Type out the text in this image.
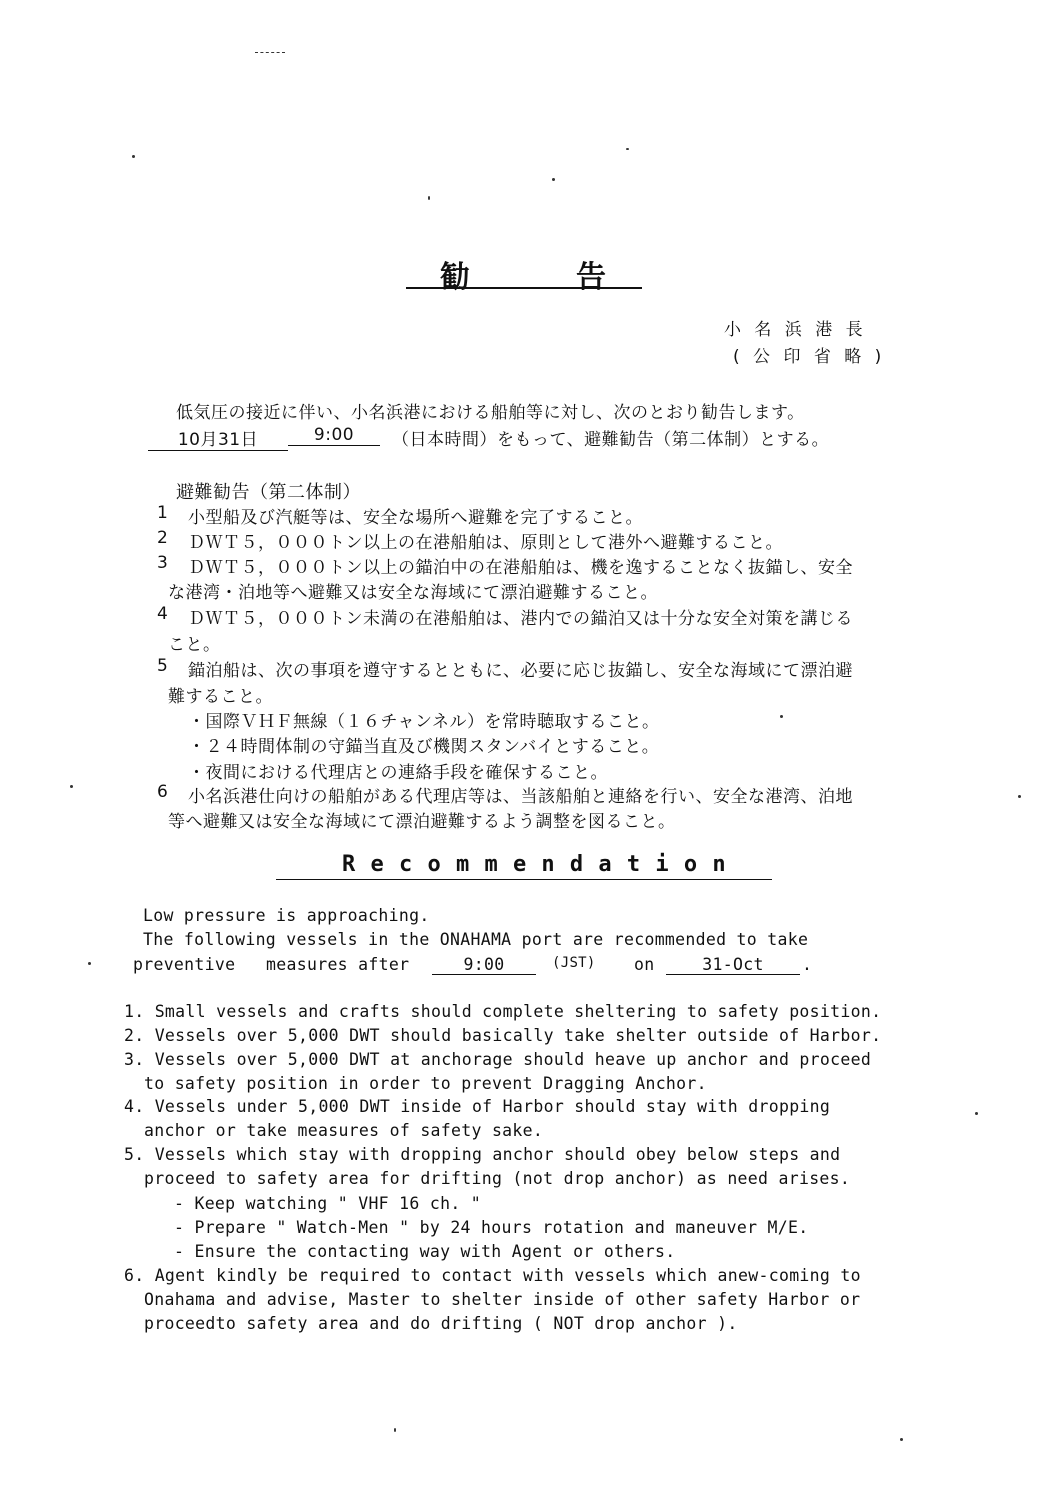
勧	告
小 名 浜 港 長
( 公 印 省 略 )
低気圧の接近に伴い、小名浜港における船舶等に対し、次のとおり勧告します。
10月31日	9:00	（日本時間）をもって、避難勧告（第二体制）とする。
避難勧告（第二体制）
1 小型船及び汽艇等は、安全な場所へ避難を完了すること。
2 ＤＷＴ５，０００トン以上の在港船舶は、原則として港外へ避難すること。
3 ＤＷＴ５，０００トン以上の錨泊中の在港船舶は、機を逸することなく抜錨し、安全
な港湾・泊地等へ避難又は安全な海域にて漂泊避難すること。
4 ＤＷＴ５，０００トン未満の在港船舶は、港内での錨泊又は十分な安全対策を講じる
こと。
5 錨泊船は、次の事項を遵守するとともに、必要に応じ抜錨し、安全な海域にて漂泊避
難すること。
・国際ＶＨＦ無線（１６チャンネル）を常時聴取すること。
・２４時間体制の守錨当直及び機関スタンバイとすること。
・夜間における代理店との連絡手段を確保すること。
6 小名浜港仕向けの船舶がある代理店等は、当該船舶と連絡を行い、安全な港湾、泊地
等へ避難又は安全な海域にて漂泊避難するよう調整を図ること。
R e c o m m e n d a t i o n
Low pressure is approaching.
The following vessels in the ONAHAMA port are recommended to take
preventive   measures after	9:00	(JST) on	31-Oct	.
1. Small vessels and crafts should complete sheltering to safety position.
2. Vessels over 5,000 DWT should basically take shelter outside of Harbor.
3. Vessels over 5,000 DWT at anchorage should heave up anchor and proceed
to safety position in order to prevent Dragging Anchor.
4. Vessels under 5,000 DWT inside of Harbor should stay with dropping
anchor or take measures of safety sake.
5. Vessels which stay with dropping anchor should obey below steps and
proceed to safety area for drifting (not drop anchor) as need arises.
- Keep watching " VHF 16 ch. "
- Prepare " Watch-Men " by 24 hours rotation and maneuver M/E.
- Ensure the contacting way with Agent or others.
6. Agent kindly be required to contact with vessels which anew-coming to
Onahama and advise, Master to shelter inside of other safety Harbor or
proceedto safety area and do drifting ( NOT drop anchor ).
